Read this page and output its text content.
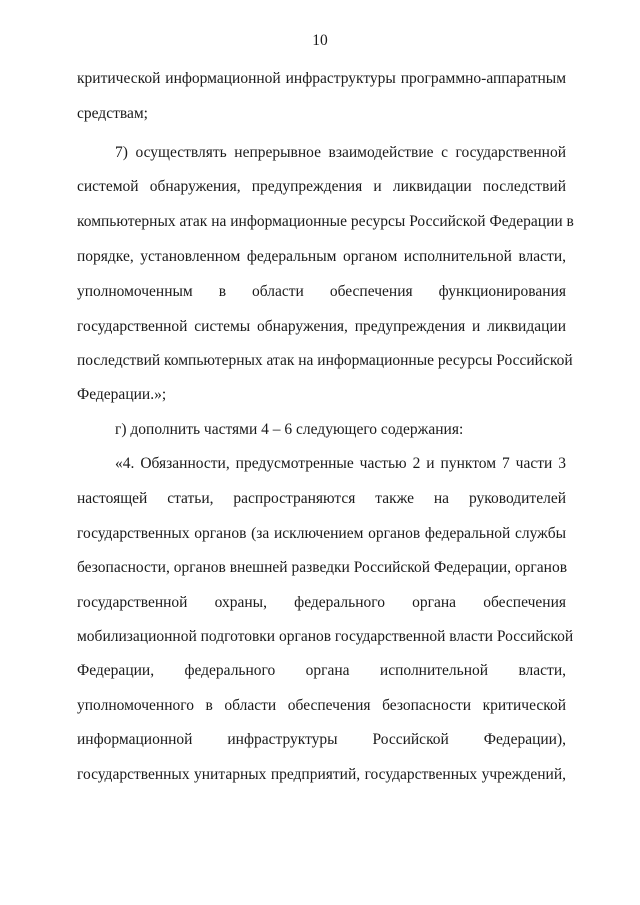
10
критической информационной инфраструктуры программно-аппаратным
средствам;
7) осуществлять непрерывное взаимодействие с государственной
системой обнаружения, предупреждения и ликвидации последствий
компьютерных атак на информационные ресурсы Российской Федерации в
порядке, установленном федеральным органом исполнительной власти,
уполномоченным в области обеспечения функционирования
государственной системы обнаружения, предупреждения и ликвидации
последствий компьютерных атак на информационные ресурсы Российской
Федерации.»;
г) дополнить частями 4 – 6 следующего содержания:
«4. Обязанности, предусмотренные частью 2 и пунктом 7 части 3
настоящей статьи, распространяются также на руководителей
государственных органов (за исключением органов федеральной службы
безопасности, органов внешней разведки Российской Федерации, органов
государственной охраны, федерального органа обеспечения
мобилизационной подготовки органов государственной власти Российской
Федерации, федерального органа исполнительной власти,
уполномоченного в области обеспечения безопасности критической
информационной инфраструктуры Российской Федерации),
государственных унитарных предприятий, государственных учреждений,
